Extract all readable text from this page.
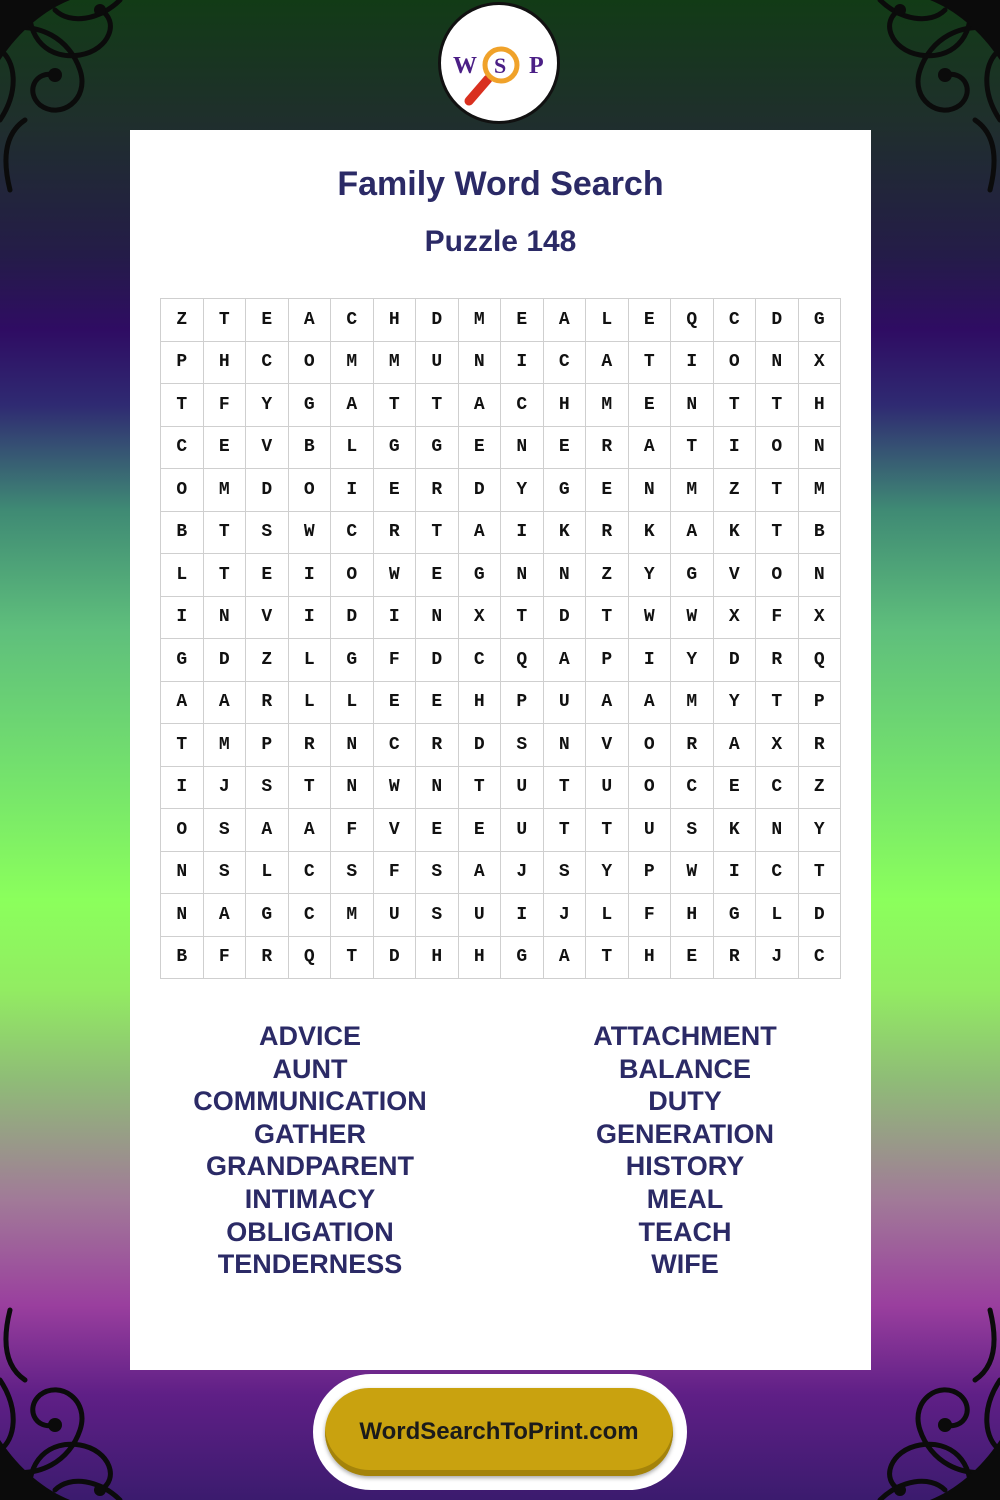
W S P
Family Word Search
Puzzle 148
Z	T	E	A	C	H	D	M	E	A	L	E	Q	C	D	G
P	H	C	O	M	M	U	N	I	C	A	T	I	O	N	X
T	F	Y	G	A	T	T	A	C	H	M	E	N	T	T	H
C	E	V	B	L	G	G	E	N	E	R	A	T	I	O	N
O	M	D	O	I	E	R	D	Y	G	E	N	M	Z	T	M
B	T	S	W	C	R	T	A	I	K	R	K	A	K	T	B
L	T	E	I	O	W	E	G	N	N	Z	Y	G	V	O	N
I	N	V	I	D	I	N	X	T	D	T	W	W	X	F	X
G	D	Z	L	G	F	D	C	Q	A	P	I	Y	D	R	Q
A	A	R	L	L	E	E	H	P	U	A	A	M	Y	T	P
T	M	P	R	N	C	R	D	S	N	V	O	R	A	X	R
I	J	S	T	N	W	N	T	U	T	U	O	C	E	C	Z
O	S	A	A	F	V	E	E	U	T	T	U	S	K	N	Y
N	S	L	C	S	F	S	A	J	S	Y	P	W	I	C	T
N	A	G	C	M	U	S	U	I	J	L	F	H	G	L	D
B	F	R	Q	T	D	H	H	G	A	T	H	E	R	J	C
ADVICE
AUNT
COMMUNICATION
GATHER
GRANDPARENT
INTIMACY
OBLIGATION
TENDERNESS
ATTACHMENT
BALANCE
DUTY
GENERATION
HISTORY
MEAL
TEACH
WIFE
WordSearchToPrint.com
